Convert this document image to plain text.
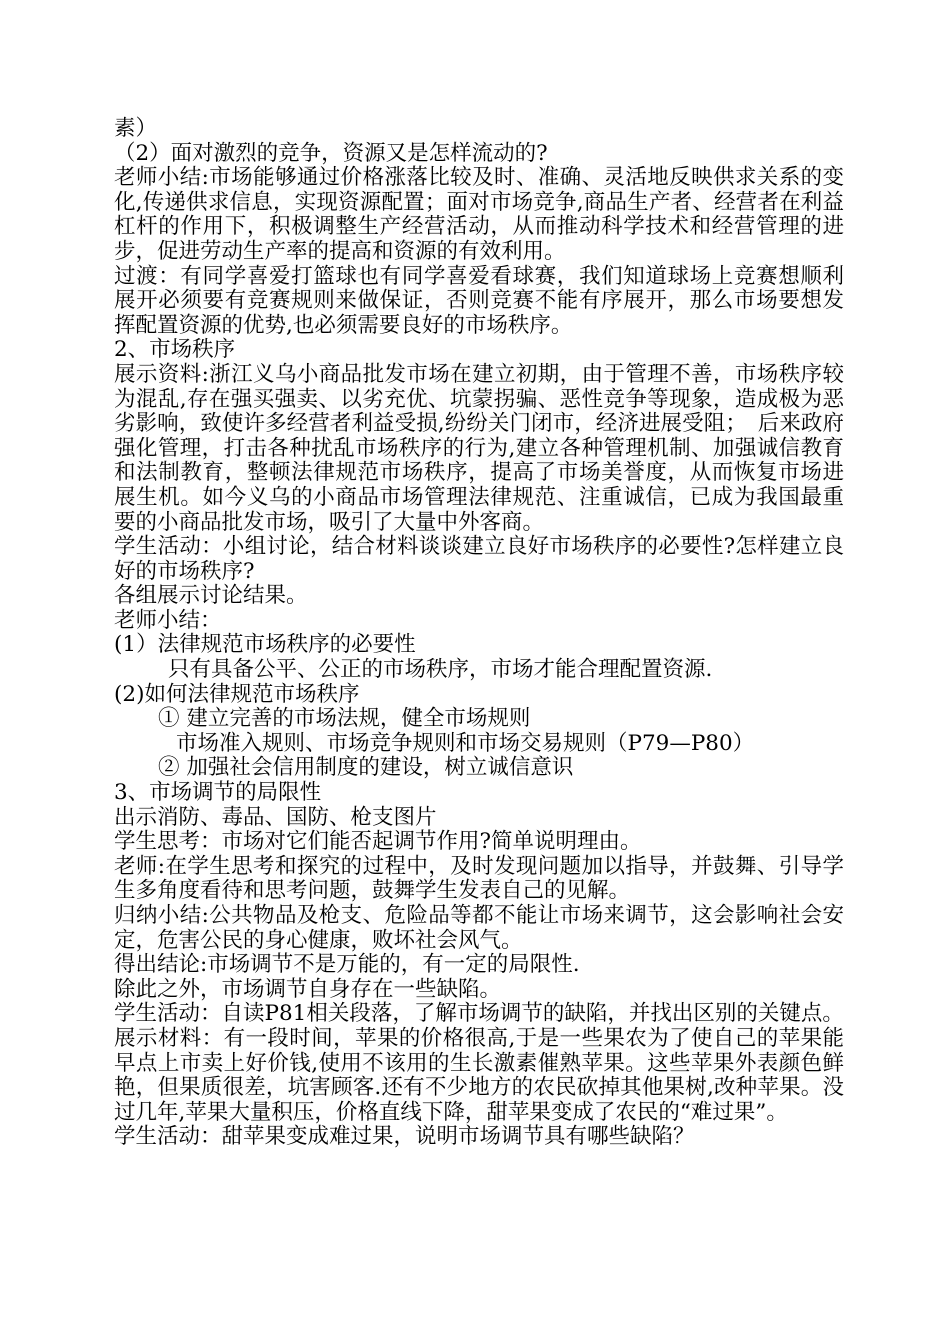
素）

（2）面对激烈的竞争，资源又是怎样流动的?

老师小结:市场能够通过价格涨落比较及时、准确、灵活地反映供求关系的变化,传递供求信息，实现资源配置；面对市场竞争,商品生产者、经营者在利益杠杆的作用下，积极调整生产经营活动，从而推动科学技术和经营管理的进步，促进劳动生产率的提高和资源的有效利用。

过渡：有同学喜爱打篮球也有同学喜爱看球赛，我们知道球场上竞赛想顺利展开必须要有竞赛规则来做保证，否则竞赛不能有序展开，那么市场要想发挥配置资源的优势,也必须需要良好的市场秩序。

2、市场秩序

展示资料:浙江义乌小商品批发市场在建立初期，由于管理不善，市场秩序较为混乱,存在强买强卖、以劣充优、坑蒙拐骗、恶性竞争等现象，造成极为恶劣影响，致使许多经营者利益受损,纷纷关门闭市，经济进展受阻；　后来政府强化管理，打击各种扰乱市场秩序的行为,建立各种管理机制、加强诚信教育和法制教育，整顿法律规范市场秩序，提高了市场美誉度，从而恢复市场进展生机。如今义乌的小商品市场管理法律规范、注重诚信，已成为我国最重要的小商品批发市场，吸引了大量中外客商。

学生活动：小组讨论，结合材料谈谈建立良好市场秩序的必要性?怎样建立良好的市场秩序?

各组展示讨论结果。

老师小结：

(1）法律规范市场秩序的必要性

只有具备公平、公正的市场秩序，市场才能合理配置资源.

(2)如何法律规范市场秩序

① 建立完善的市场法规，健全市场规则

市场准入规则、市场竞争规则和市场交易规则（P79—P80）

② 加强社会信用制度的建设，树立诚信意识

3、市场调节的局限性

出示消防、毒品、国防、枪支图片

学生思考：市场对它们能否起调节作用?简单说明理由。

老师:在学生思考和探究的过程中，及时发现问题加以指导，并鼓舞、引导学生多角度看待和思考问题，鼓舞学生发表自己的见解。

归纳小结:公共物品及枪支、危险品等都不能让市场来调节，这会影响社会安定，危害公民的身心健康，败坏社会风气。

得出结论:市场调节不是万能的，有一定的局限性.

除此之外，市场调节自身存在一些缺陷。

学生活动：自读P81相关段落，了解市场调节的缺陷，并找出区别的关键点。

展示材料：有一段时间，苹果的价格很高,于是一些果农为了使自己的苹果能早点上市卖上好价钱,使用不该用的生长激素催熟苹果。这些苹果外表颜色鲜艳，但果质很差，坑害顾客.还有不少地方的农民砍掉其他果树,改种苹果。没过几年,苹果大量积压，价格直线下降，甜苹果变成了农民的“难过果”。

学生活动：甜苹果变成难过果，说明市场调节具有哪些缺陷？
